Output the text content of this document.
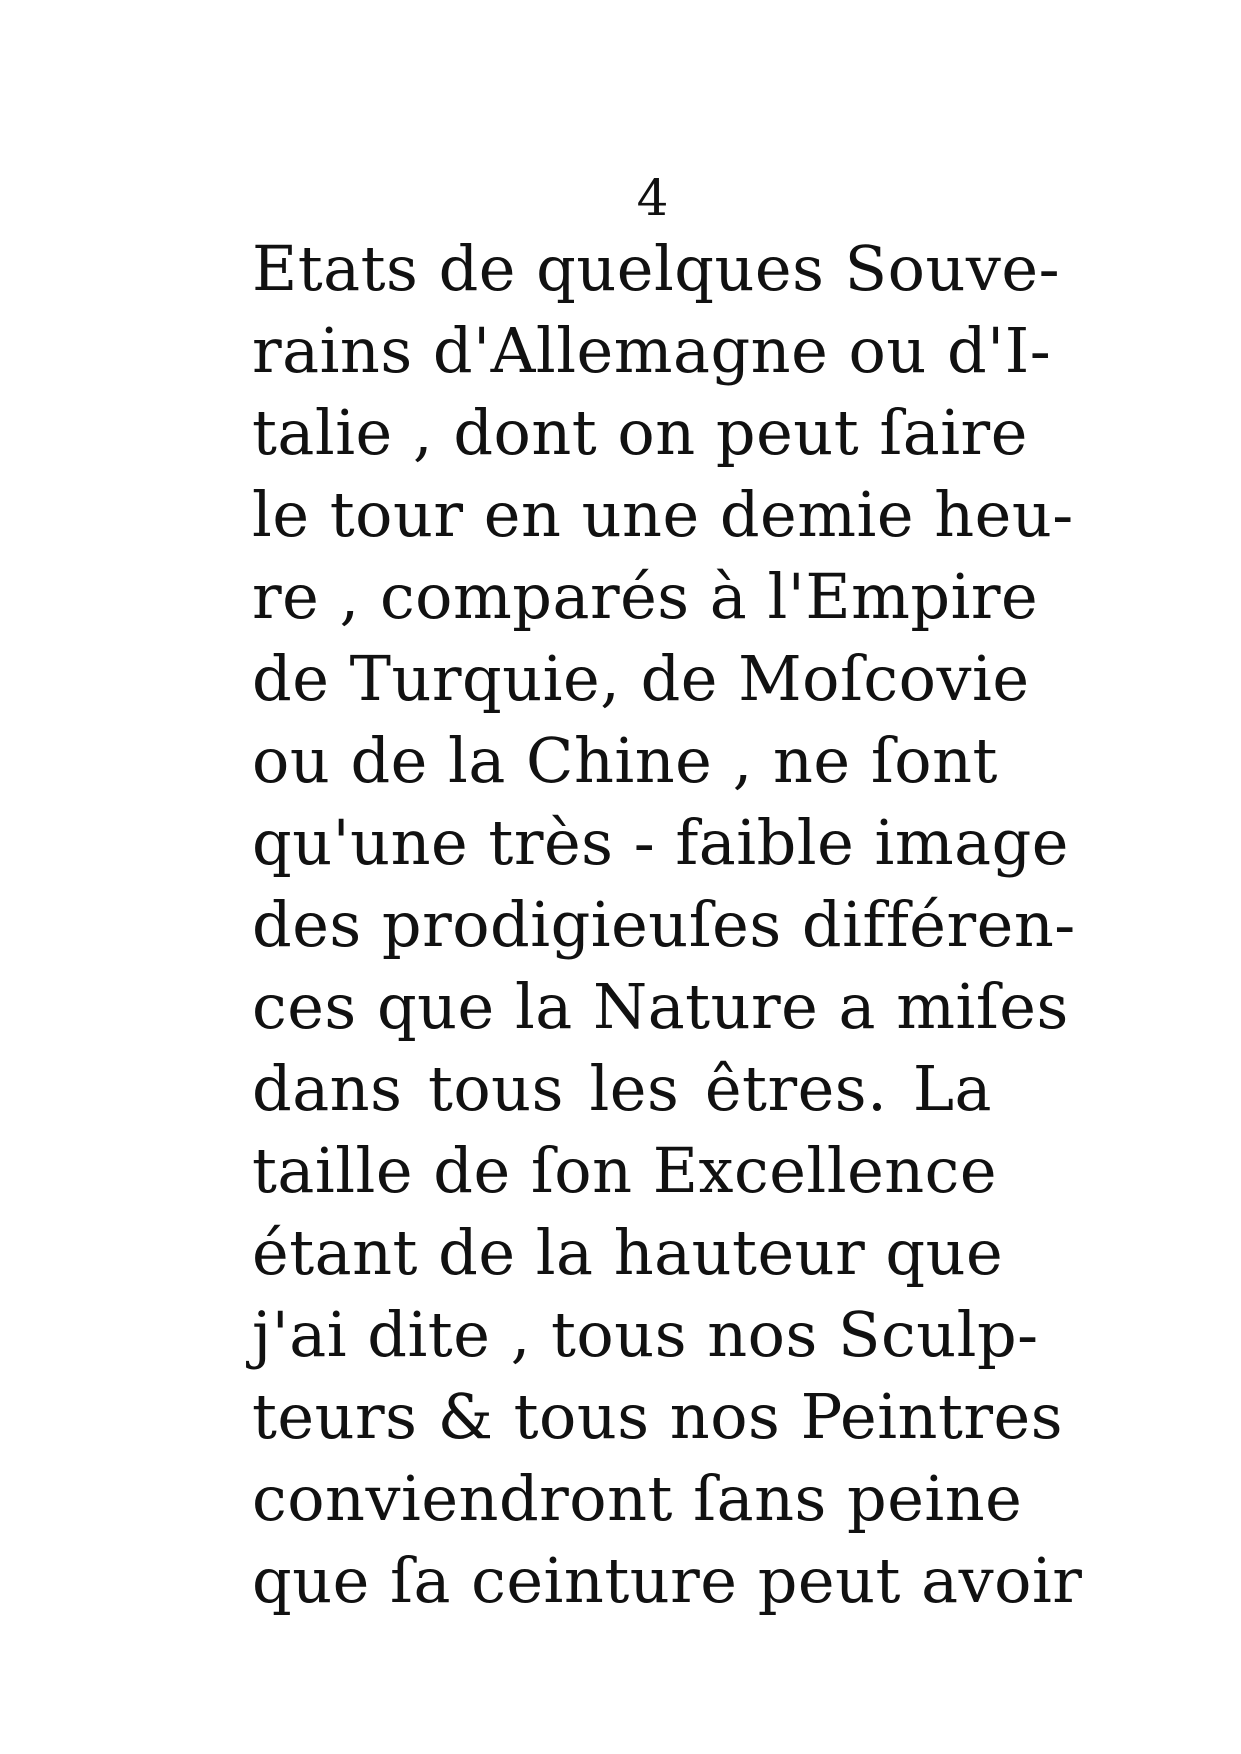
4
Etats de quelques Souve-
rains d'Allemagne ou d'I-
talie , dont on peut ſaire
le tour en une demie heu-
re , comparés à l'Empire
de Turquie, de Moſcovie
ou de la Chine , ne ſont
qu'une très - faible image
des prodigieuſes différen-
ces que la Nature a miſes
dans tous les êtres. La
taille de ſon Excellence
étant de la hauteur que
j'ai dite , tous nos Sculp-
teurs & tous nos Peintres
conviendront ſans peine
que ſa ceinture peut avoir
